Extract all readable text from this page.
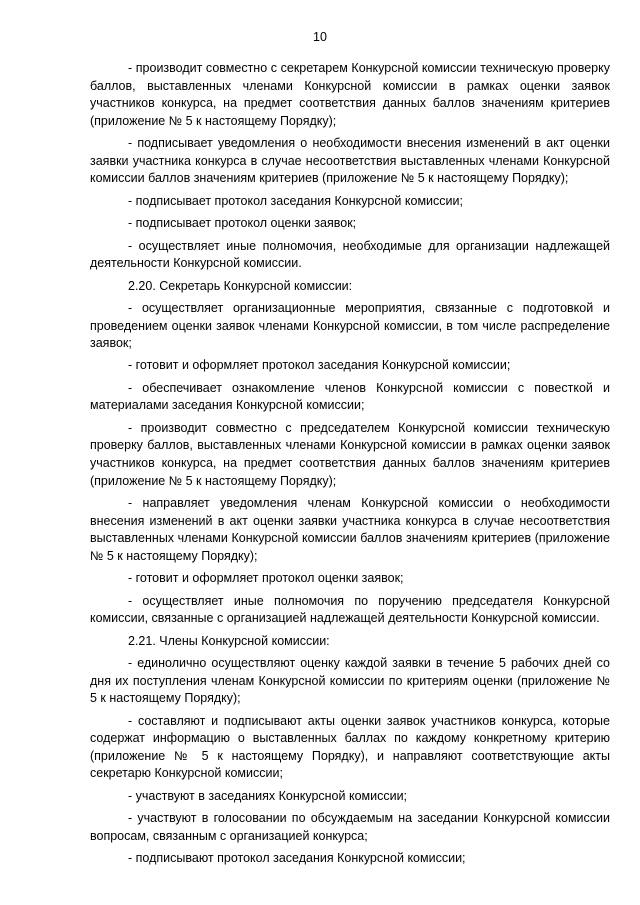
10

- производит совместно с секретарем Конкурсной комиссии техническую проверку баллов, выставленных членами Конкурсной комиссии в рамках оценки заявок участников конкурса, на предмет соответствия данных баллов значениям критериев (приложение № 5 к настоящему Порядку);

- подписывает уведомления о необходимости внесения изменений в акт оценки заявки участника конкурса в случае несоответствия выставленных членами Конкурсной комиссии баллов значениям критериев (приложение № 5 к настоящему Порядку);

- подписывает протокол заседания Конкурсной комиссии;

- подписывает протокол оценки заявок;

- осуществляет иные полномочия, необходимые для организации надлежащей деятельности Конкурсной комиссии.

2.20. Секретарь Конкурсной комиссии:

- осуществляет организационные мероприятия, связанные с подготовкой и проведением оценки заявок членами Конкурсной комиссии, в том числе распределение заявок;

- готовит и оформляет протокол заседания Конкурсной комиссии;

- обеспечивает ознакомление членов Конкурсной комиссии с повесткой и материалами заседания Конкурсной комиссии;

- производит совместно с председателем Конкурсной комиссии техническую проверку баллов, выставленных членами Конкурсной комиссии в рамках оценки заявок участников конкурса, на предмет соответствия данных баллов значениям критериев (приложение № 5 к настоящему Порядку);

- направляет уведомления членам Конкурсной комиссии о необходимости внесения изменений в акт оценки заявки участника конкурса в случае несоответствия выставленных членами Конкурсной комиссии баллов значениям критериев (приложение № 5 к настоящему Порядку);

- готовит и оформляет протокол оценки заявок;

- осуществляет иные полномочия по поручению председателя Конкурсной комиссии, связанные с организацией надлежащей деятельности Конкурсной комиссии.

2.21. Члены Конкурсной комиссии:

- единолично осуществляют оценку каждой заявки в течение 5 рабочих дней со дня их поступления членам Конкурсной комиссии по критериям оценки (приложение № 5 к настоящему Порядку);

- составляют и подписывают акты оценки заявок участников конкурса, которые содержат информацию о выставленных баллах по каждому конкретному критерию (приложение № 5 к настоящему Порядку), и направляют соответствующие акты секретарю Конкурсной комиссии;

- участвуют в заседаниях Конкурсной комиссии;

- участвуют в голосовании по обсуждаемым на заседании Конкурсной комиссии вопросам, связанным с организацией конкурса;

- подписывают протокол заседания Конкурсной комиссии;
